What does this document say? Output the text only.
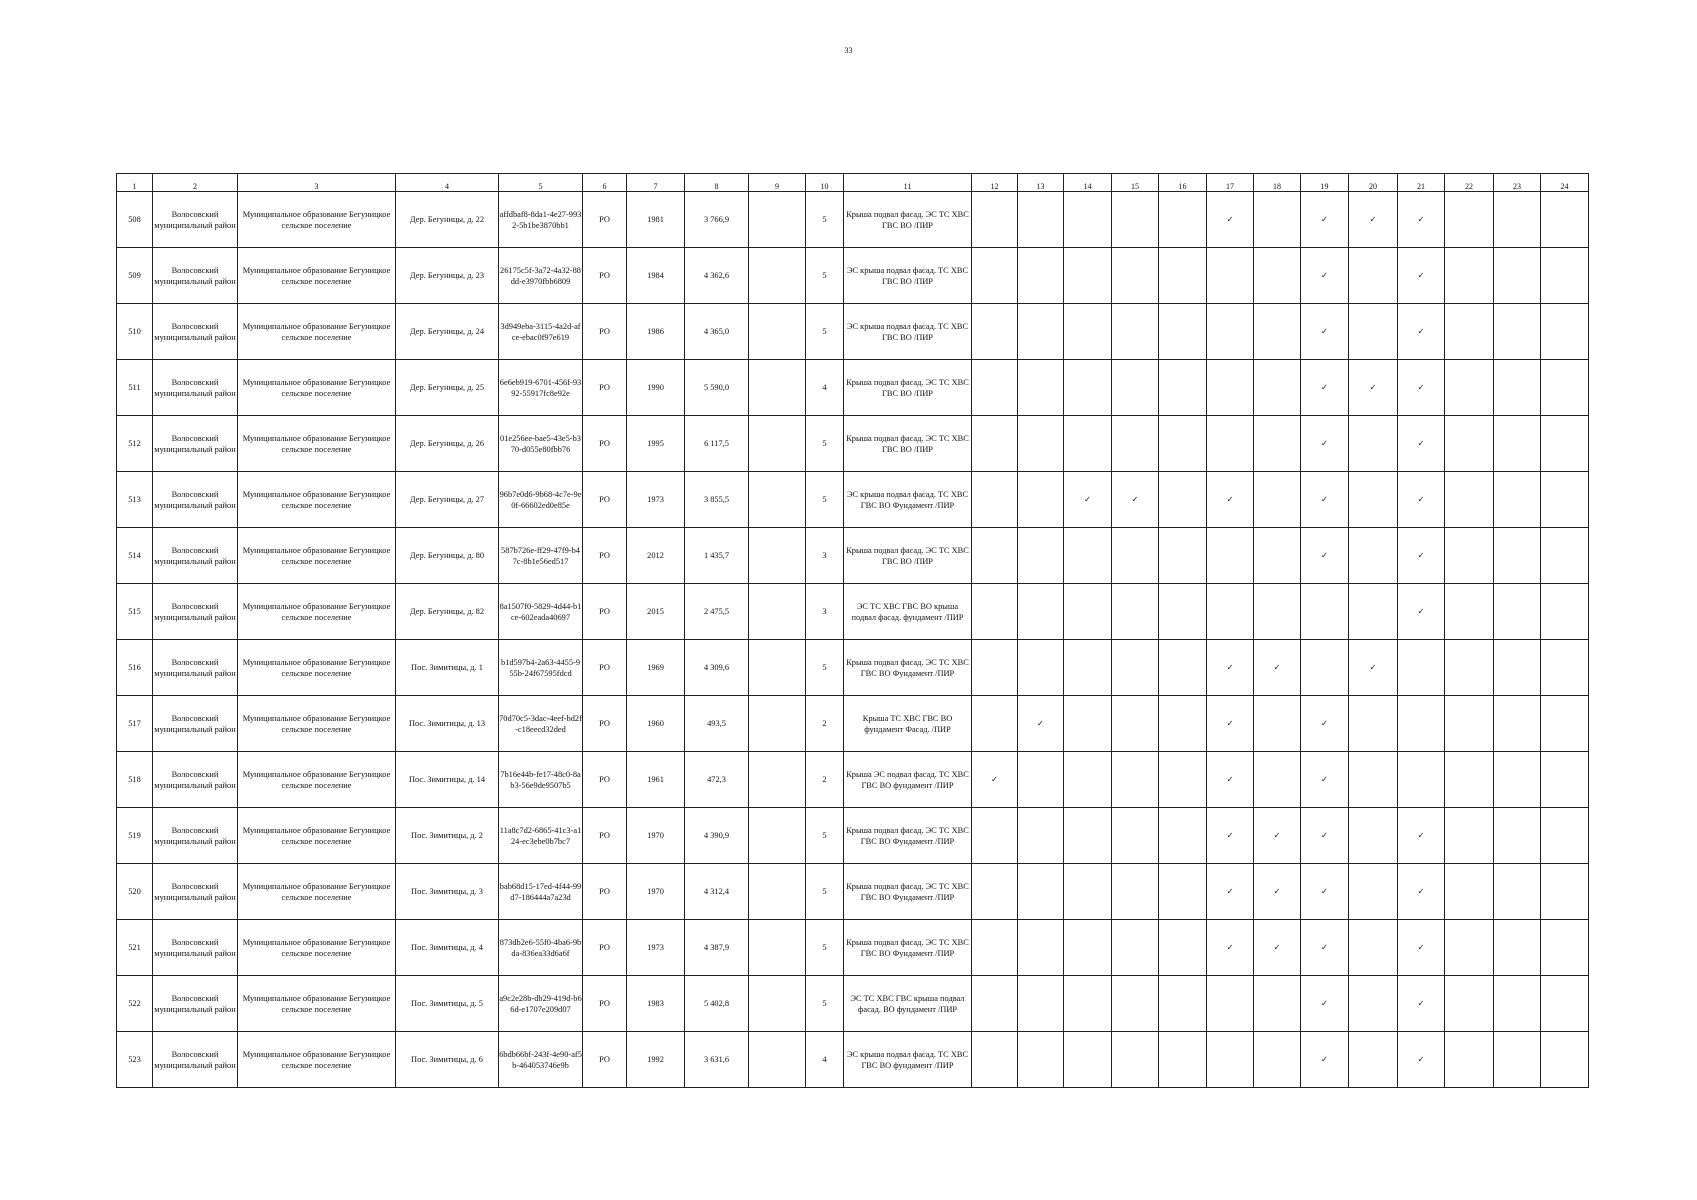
33
1	2	3	4	5	6	7	8	9	10	11	12	13	14	15	16	17	18	19	20	21	22	23	24
508	Волосовский муниципальный район	Муниципальное образование Бегуницкое сельское поселение	Дер. Бегуницы, д. 22	affdbaf8-8da1-4e27-9932-5b1be3870bb1	РО	1981	3 766,9		5	Крыша подвал фасад. ЭС ТС ХВС ГВС ВО /ПИР						✓		✓	✓	✓			
509	Волосовский муниципальный район	Муниципальное образование Бегуницкое сельское поселение	Дер. Бегуницы, д. 23	26175c5f-3a72-4a32-88dd-e3970fbb6809	РО	1984	4 362,6		5	ЭС крыша подвал фасад. ТС ХВС ГВС ВО /ПИР								✓		✓			
510	Волосовский муниципальный район	Муниципальное образование Бегуницкое сельское поселение	Дер. Бегуницы, д. 24	3d949eba-3115-4a2d-afce-ebac0f97e619	РО	1986	4 365,0		5	ЭС крыша подвал фасад. ТС ХВС ГВС ВО /ПИР								✓		✓			
511	Волосовский муниципальный район	Муниципальное образование Бегуницкое сельское поселение	Дер. Бегуницы, д. 25	6e6eb919-6701-456f-9392-55917fc8e92e	РО	1990	5 590,0		4	Крыша подвал фасад. ЭС ТС ХВС ГВС ВО /ПИР								✓	✓	✓			
512	Волосовский муниципальный район	Муниципальное образование Бегуницкое сельское поселение	Дер. Бегуницы, д. 26	01e256ee-bae5-43e5-b370-d055e80fbb76	РО	1995	6 117,5		5	Крыша подвал фасад. ЭС ТС ХВС ГВС ВО /ПИР								✓		✓			
513	Волосовский муниципальный район	Муниципальное образование Бегуницкое сельское поселение	Дер. Бегуницы, д. 27	96b7e0d6-9b68-4c7e-9e0f-66602ed0e85e	РО	1973	3 855,5		5	ЭС крыша подвал фасад. ТС ХВС ГВС ВО Фундамент /ПИР			✓	✓		✓		✓		✓			
514	Волосовский муниципальный район	Муниципальное образование Бегуницкое сельское поселение	Дер. Бегуницы, д. 80	587b726e-ff29-47f9-b47c-8b1e56ed517	РО	2012	1 435,7		3	Крыша подвал фасад. ЭС ТС ХВС ГВС ВО /ПИР								✓		✓			
515	Волосовский муниципальный район	Муниципальное образование Бегуницкое сельское поселение	Дер. Бегуницы, д. 82	8a1507f0-5829-4d44-b1ce-602eada40697	РО	2015	2 475,5		3	ЭС ТС ХВС ГВС ВО крыша подвал фасад. фундамент /ПИР										✓			
516	Волосовский муниципальный район	Муниципальное образование Бегуницкое сельское поселение	Пос. Зимитицы, д. 1	b1d597b4-2a63-4455-955b-24f67595fdcd	РО	1969	4 309,6		5	Крыша подвал фасад. ЭС ТС ХВС ГВС ВО Фундамент /ПИР						✓	✓		✓				
517	Волосовский муниципальный район	Муниципальное образование Бегуницкое сельское поселение	Пос. Зимитицы, д. 13	70d70c5-3dac-4eef-bd2f-c18eecd32ded	РО	1960	493,5		2	Крыша ТС ХВС ГВС ВО фундамент Фасад. /ПИР		✓				✓		✓					
518	Волосовский муниципальный район	Муниципальное образование Бегуницкое сельское поселение	Пос. Зимитицы, д. 14	7b16e44b-fe17-48c0-8ab3-56e9de9507b5	РО	1961	472,3		2	Крыша ЭС подвал фасад. ТС ХВС ГВС ВО фундамент /ПИР	✓					✓		✓					
519	Волосовский муниципальный район	Муниципальное образование Бегуницкое сельское поселение	Пос. Зимитицы, д. 2	11a8c7d2-6865-41c3-a124-ec3ebe0b7bc7	РО	1970	4 390,9		5	Крыша подвал фасад. ЭС ТС ХВС ГВС ВО Фундамент /ПИР						✓	✓	✓		✓			
520	Волосовский муниципальный район	Муниципальное образование Бегуницкое сельское поселение	Пос. Зимитицы, д. 3	bab68d15-17ed-4f44-99d7-186444a7a23d	РО	1970	4 312,4		5	Крыша подвал фасад. ЭС ТС ХВС ГВС ВО Фундамент /ПИР						✓	✓	✓		✓			
521	Волосовский муниципальный район	Муниципальное образование Бегуницкое сельское поселение	Пос. Зимитицы, д. 4	873db2e6-55f0-4ba6-9bda-836ea33d6a6f	РО	1973	4 387,9		5	Крыша подвал фасад. ЭС ТС ХВС ГВС ВО Фундамент /ПИР						✓	✓	✓		✓			
522	Волосовский муниципальный район	Муниципальное образование Бегуницкое сельское поселение	Пос. Зимитицы, д. 5	a9c2e28b-db29-419d-b66d-e1707e209d07	РО	1983	5 402,8		5	ЭС ТС ХВС ГВС крыша подвал фасад. ВО фундамент /ПИР								✓		✓			
523	Волосовский муниципальный район	Муниципальное образование Бегуницкое сельское поселение	Пос. Зимитицы, д. 6	6bdb66bf-243f-4e90-af5b-464053746e9b	РО	1992	3 631,6		4	ЭС крыша подвал фасад. ТС ХВС ГВС ВО фундамент /ПИР								✓		✓			
